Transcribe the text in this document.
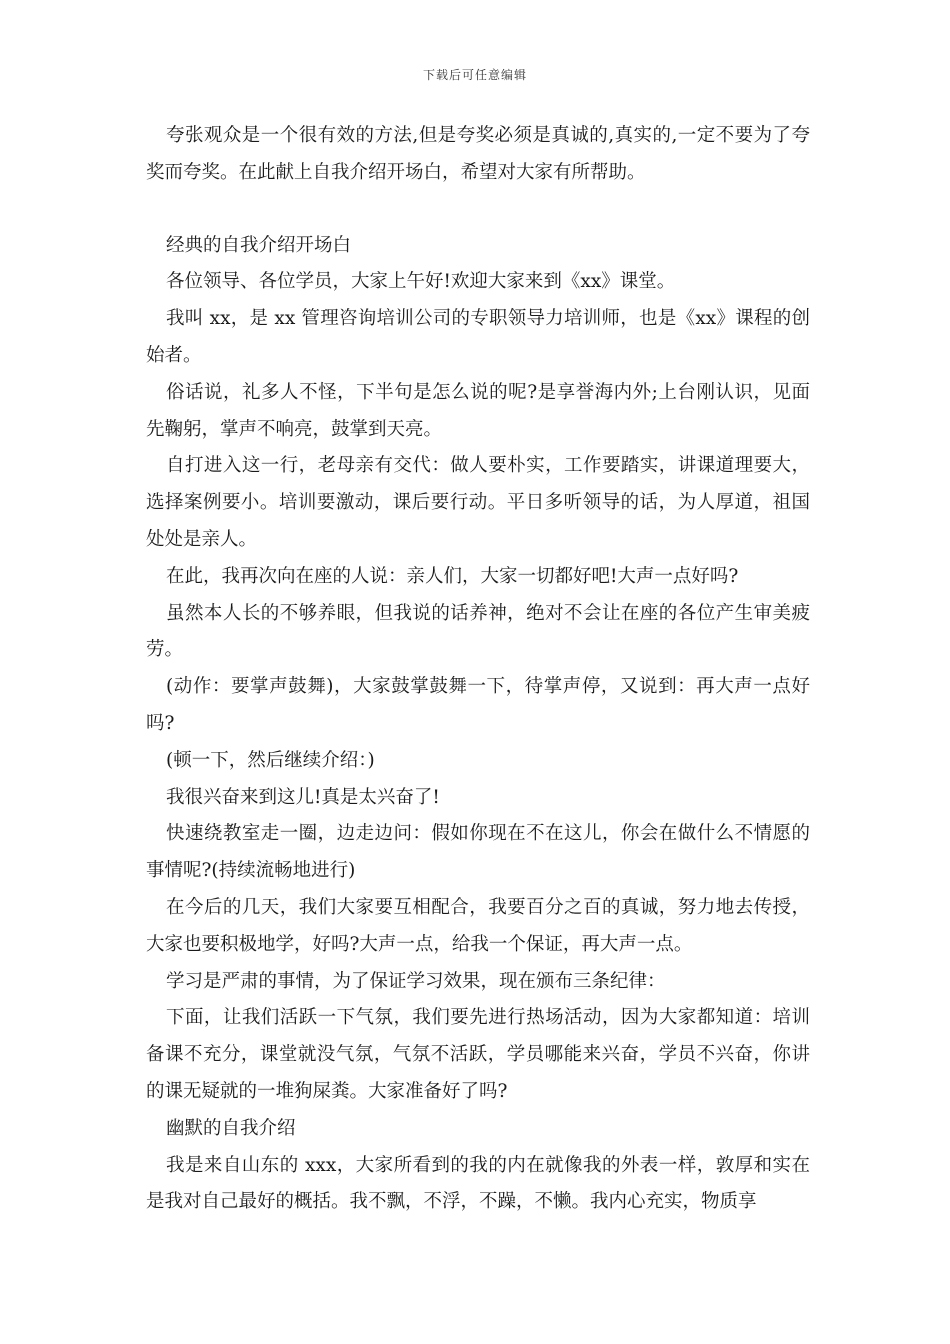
下载后可任意编辑

夸张观众是一个很有效的方法,但是夸奖必须是真诚的,真实的,一定不要为了夸奖而夸奖。在此献上自我介绍开场白，希望对大家有所帮助。

经典的自我介绍开场白

各位领导、各位学员，大家上午好!欢迎大家来到《xx》课堂。

我叫 xx，是 xx 管理咨询培训公司的专职领导力培训师，也是《xx》课程的创始者。

俗话说，礼多人不怪，下半句是怎么说的呢?是享誉海内外;上台刚认识，见面先鞠躬，掌声不响亮，鼓掌到天亮。

自打进入这一行，老母亲有交代：做人要朴实，工作要踏实，讲课道理要大，选择案例要小。培训要激动，课后要行动。平日多听领导的话，为人厚道，祖国处处是亲人。

在此，我再次向在座的人说：亲人们，大家一切都好吧!大声一点好吗?

虽然本人长的不够养眼，但我说的话养神，绝对不会让在座的各位产生审美疲劳。

(动作：要掌声鼓舞)，大家鼓掌鼓舞一下，待掌声停，又说到：再大声一点好吗?

(顿一下，然后继续介绍：)

我很兴奋来到这儿!真是太兴奋了!

快速绕教室走一圈，边走边问：假如你现在不在这儿，你会在做什么不情愿的事情呢?(持续流畅地进行)

在今后的几天，我们大家要互相配合，我要百分之百的真诚，努力地去传授，大家也要积极地学，好吗?大声一点，给我一个保证，再大声一点。

学习是严肃的事情，为了保证学习效果，现在颁布三条纪律：

下面，让我们活跃一下气氛，我们要先进行热场活动，因为大家都知道：培训备课不充分，课堂就没气氛，气氛不活跃，学员哪能来兴奋，学员不兴奋，你讲的课无疑就的一堆狗屎粪。大家准备好了吗?

幽默的自我介绍

我是来自山东的 xxx，大家所看到的我的内在就像我的外表一样，敦厚和实在是我对自己最好的概括。我不飘，不浮，不躁，不懒。我内心充实，物质享
